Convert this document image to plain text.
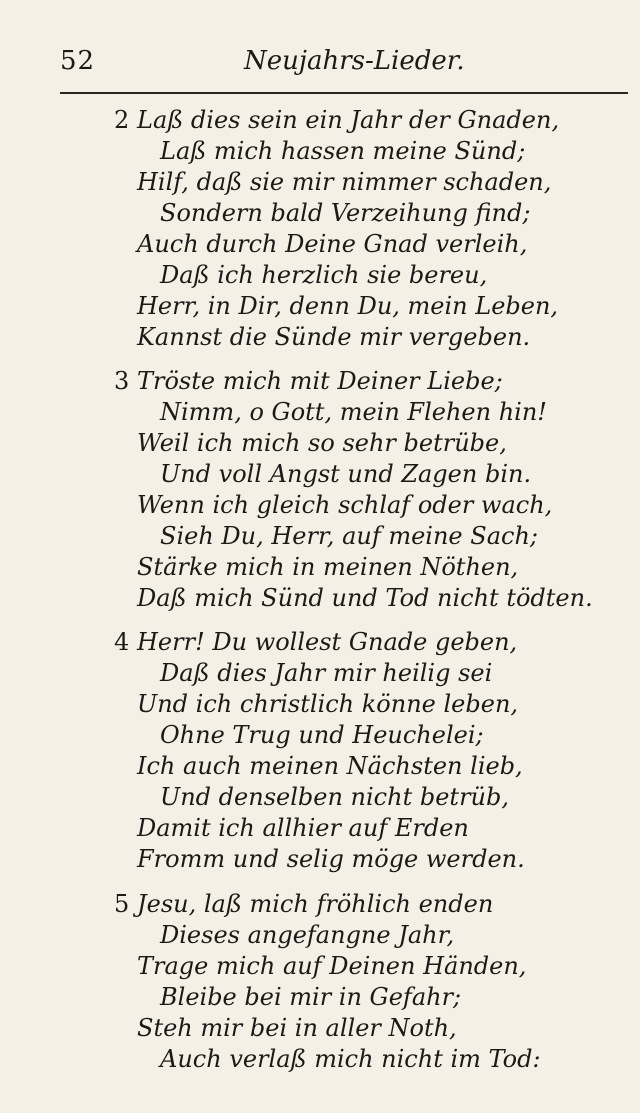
52	Neujahrs-Lieder.
2 Laß dies sein ein Jahr der Gnaden,
Laß mich hassen meine Sünd;
Hilf, daß sie mir nimmer schaden,
Sondern bald Verzeihung find;
Auch durch Deine Gnad verleih,
Daß ich herzlich sie bereu,
Herr, in Dir, denn Du, mein Leben,
Kannst die Sünde mir vergeben.
3 Tröste mich mit Deiner Liebe;
Nimm, o Gott, mein Flehen hin!
Weil ich mich so sehr betrübe,
Und voll Angst und Zagen bin.
Wenn ich gleich schlaf oder wach,
Sieh Du, Herr, auf meine Sach;
Stärke mich in meinen Nöthen,
Daß mich Sünd und Tod nicht tödten.
4 Herr! Du wollest Gnade geben,
Daß dies Jahr mir heilig sei
Und ich christlich könne leben,
Ohne Trug und Heuchelei;
Ich auch meinen Nächsten lieb,
Und denselben nicht betrüb,
Damit ich allhier auf Erden
Fromm und selig möge werden.
5 Jesu, laß mich fröhlich enden
Dieses angefangne Jahr,
Trage mich auf Deinen Händen,
Bleibe bei mir in Gefahr;
Steh mir bei in aller Noth,
Auch verlaß mich nicht im Tod:
